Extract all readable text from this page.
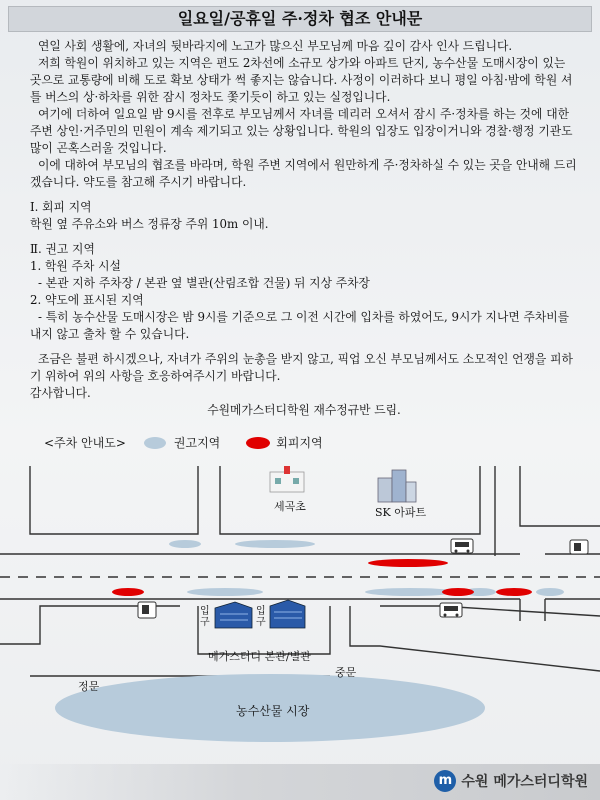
일요일/공휴일 주·정차 협조 안내문

연일 사회 생활에, 자녀의 뒷바라지에 노고가 많으신 부모님께 마음 깊이 감사 인사 드립니다.

저희 학원이 위치하고 있는 지역은 편도 2차선에 소규모 상가와 아파트 단지, 농수산물 도매시장이 있는 곳으로 교통량에 비해 도로 확보 상태가 썩 좋지는 않습니다. 사정이 이러하다 보니 평일 아침·밤에 학원 셔틀 버스의 상·하차를 위한 잠시 정차도 쫓기듯이 하고 있는 실정입니다.

여기에 더하여 일요일 밤 9시를 전후로 부모님께서 자녀를 데리러 오셔서 잠시 주·정차를 하는 것에 대한 주변 상인·거주민의 민원이 계속 제기되고 있는 상황입니다. 학원의 입장도 입장이거니와 경찰·행정 기관도 많이 곤혹스러울 것입니다.

이에 대하여 부모님의 협조를 바라며, 학원 주변 지역에서 원만하게 주·정차하실 수 있는 곳을 안내해 드리겠습니다. 약도를 참고해 주시기 바랍니다.

Ⅰ. 회피 지역

학원 옆 주유소와 버스 정류장 주위 10m 이내.

Ⅱ. 권고 지역

1. 학원 주차 시설

- 본관 지하 주차장 / 본관 옆 별관(산림조합 건물) 뒤 지상 주차장

2. 약도에 표시된 지역

- 특히 농수산물 도매시장은 밤 9시를 기준으로 그 이전 시간에 입차를 하였어도, 9시가 지나면 주차비를 내지 않고 출차 할 수 있습니다.

조금은 불편 하시겠으나, 자녀가 주위의 눈총을 받지 않고, 픽업 오신 부모님께서도 소모적인 언쟁을 피하기 위하여 위의 사항을 호응하여주시기 바랍니다.

감사합니다.

수원메가스터디학원 재수정규반 드림.

<주차 안내도>	권고지역	회피지역
세곡초	SK 아파트
입구
입구
메가스터디 본관/별관
정문
중문
농수산물 시장
m 수원 메가스터디학원
